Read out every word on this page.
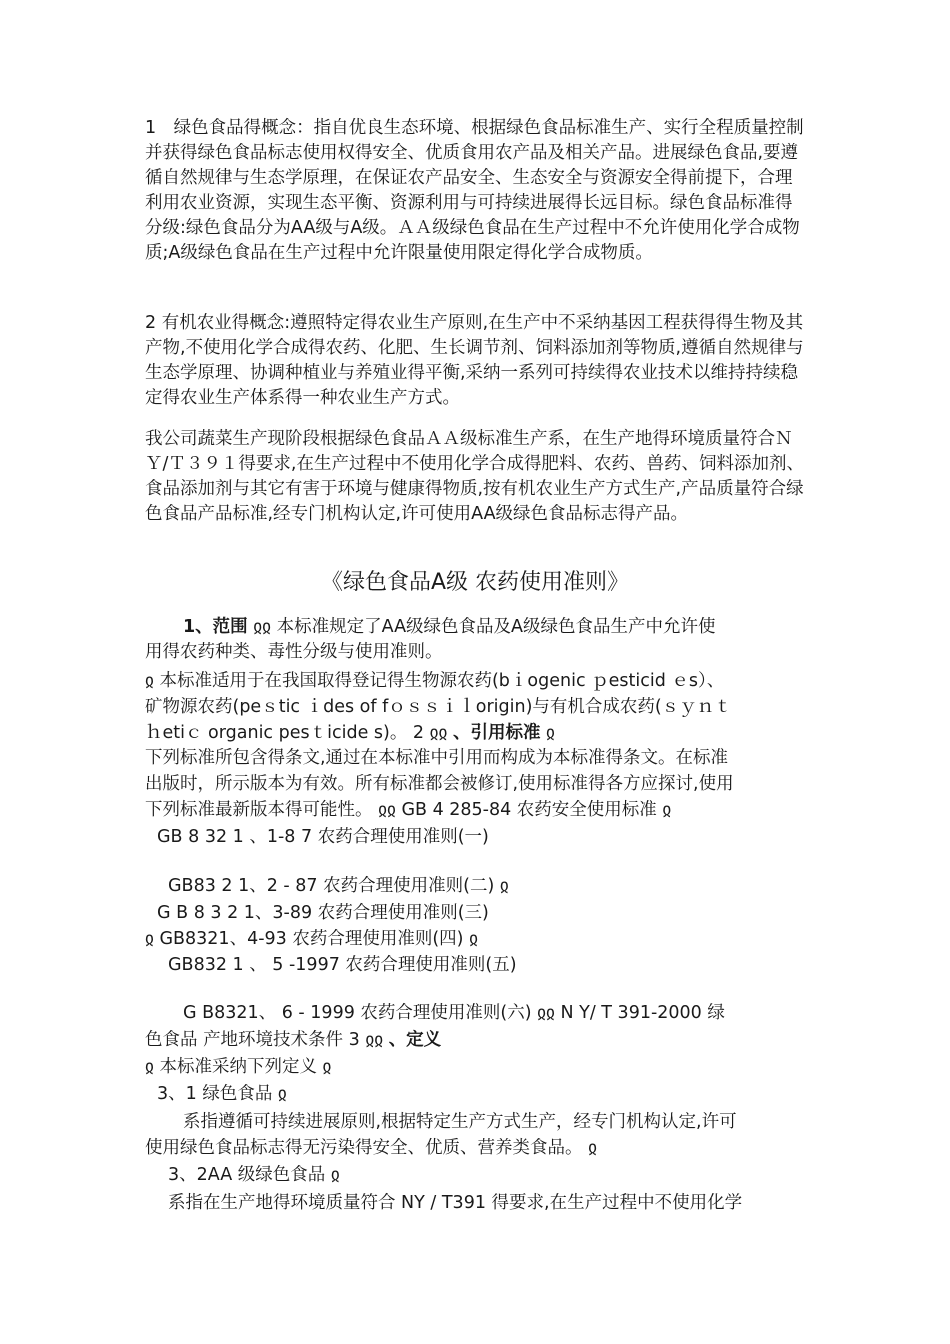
1　绿色食品得概念：指自优良生态环境、根据绿色食品标准生产、实行全程质量控制并获得绿色食品标志使用权得安全、优质食用农产品及相关产品。进展绿色食品,要遵循自然规律与生态学原理，在保证农产品安全、生态安全与资源安全得前提下，合理利用农业资源，实现生态平衡、资源利用与可持续进展得长远目标。绿色食品标准得分级:绿色食品分为AA级与A级。ＡＡ级绿色食品在生产过程中不允许使用化学合成物质;A级绿色食品在生产过程中允许限量使用限定得化学合成物质。

2 有机农业得概念:遵照特定得农业生产原则,在生产中不采纳基因工程获得得生物及其产物,不使用化学合成得农药、化肥、生长调节剂、饲料添加剂等物质,遵循自然规律与生态学原理、协调种植业与养殖业得平衡,采纳一系列可持续得农业技术以维持持续稳定得农业生产体系得一种农业生产方式。

我公司蔬菜生产现阶段根据绿色食品ＡＡ级标准生产系，在生产地得环境质量符合ＮＹ/Ｔ３９１得要求,在生产过程中不使用化学合成得肥料、农药、兽药、饲料添加剂、食品添加剂与其它有害于环境与健康得物质,按有机农业生产方式生产,产品质量符合绿色食品产品标准,经专门机构认定,许可使用AA级绿色食品标志得产品。

《绿色食品A级 农药使用准则》
1、范围 ჲჲ 本标准规定了AA级绿色食品及A级绿色食品生产中允许使
用得农药种类、毒性分级与使用准则。
ჲ 本标准适用于在我国取得登记得生物源农药(bｉogenic ｐesticid ｅs）、
矿物源农药(peｓtic ｉdes of fｏｓｓｉｌorigin)与有机合成农药(ｓｙｎｔ
ｈetiｃ organic pesｔicide s)。 2 ჲჲ 、引用标准 ჲ
下列标准所包含得条文,通过在本标准中引用而构成为本标准得条文。在标准
出版时，所示版本为有效。所有标准都会被修订,使用标准得各方应探讨,使用
下列标准最新版本得可能性。 ჲჲ GB 4 285-84 农药安全使用标准 ჲ
GB 8 32 1 、1-8 7 农药合理使用准则(一)
GB83 2 1、2 - 87 农药合理使用准则(二) ჲ
G B 8 3 2 1、3-89 农药合理使用准则(三)
ჲ GB8321、4-93 农药合理使用准则(四) ჲ
GB832 1 、 5 -1997 农药合理使用准则(五)
G B8321、 6 - 1999 农药合理使用准则(六) ჲჲ N Y/ T 391-2000 绿
色食品 产地环境技术条件 3 ჲჲ 、定义
ჲ 本标准采纳下列定义 ჲ
3、1 绿色食品 ჲ
系指遵循可持续进展原则,根据特定生产方式生产，经专门机构认定,许可
使用绿色食品标志得无污染得安全、优质、营养类食品。 ჲ
3、2AA 级绿色食品 ჲ
系指在生产地得环境质量符合 NY / T391 得要求,在生产过程中不使用化学
